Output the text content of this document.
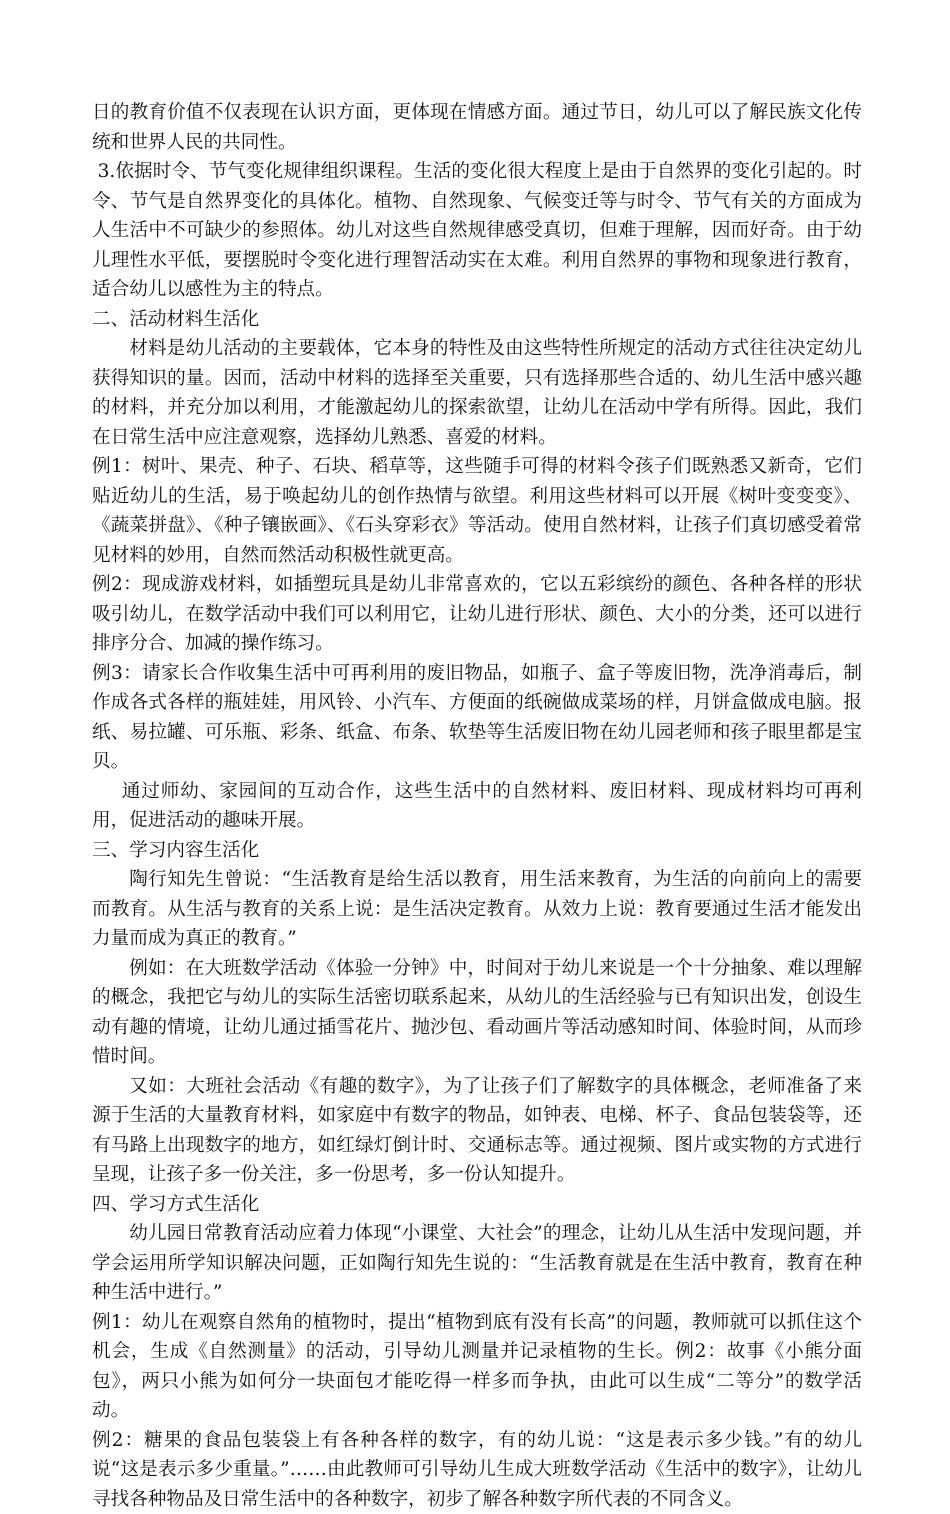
日的教育价值不仅表现在认识方面，更体现在情感方面。通过节日，幼儿可以了解民族文化传统和世界人民的共同性。

3.依据时令、节气变化规律组织课程。生活的变化很大程度上是由于自然界的变化引起的。时令、节气是自然界变化的具体化。植物、自然现象、气候变迁等与时令、节气有关的方面成为人生活中不可缺少的参照体。幼儿对这些自然规律感受真切，但难于理解，因而好奇。由于幼儿理性水平低，要摆脱时令变化进行理智活动实在太难。利用自然界的事物和现象进行教育，适合幼儿以感性为主的特点。

二、活动材料生活化

材料是幼儿活动的主要载体，它本身的特性及由这些特性所规定的活动方式往往决定幼儿获得知识的量。因而，活动中材料的选择至关重要，只有选择那些合适的、幼儿生活中感兴趣的材料，并充分加以利用，才能激起幼儿的探索欲望，让幼儿在活动中学有所得。因此，我们在日常生活中应注意观察，选择幼儿熟悉、喜爱的材料。

例1：树叶、果壳、种子、石块、稻草等，这些随手可得的材料令孩子们既熟悉又新奇，它们贴近幼儿的生活，易于唤起幼儿的创作热情与欲望。利用这些材料可以开展《树叶变变变》、《蔬菜拼盘》、《种子镶嵌画》、《石头穿彩衣》等活动。使用自然材料，让孩子们真切感受着常见材料的妙用，自然而然活动积极性就更高。

例2：现成游戏材料，如插塑玩具是幼儿非常喜欢的，它以五彩缤纷的颜色、各种各样的形状吸引幼儿，在数学活动中我们可以利用它，让幼儿进行形状、颜色、大小的分类，还可以进行排序分合、加减的操作练习。

例3：请家长合作收集生活中可再利用的废旧物品，如瓶子、盒子等废旧物，洗净消毒后，制作成各式各样的瓶娃娃，用风铃、小汽车、方便面的纸碗做成菜场的样，月饼盒做成电脑。报纸、易拉罐、可乐瓶、彩条、纸盒、布条、软垫等生活废旧物在幼儿园老师和孩子眼里都是宝贝。

通过师幼、家园间的互动合作，这些生活中的自然材料、废旧材料、现成材料均可再利用，促进活动的趣味开展。

三、学习内容生活化

陶行知先生曾说：“生活教育是给生活以教育，用生活来教育，为生活的向前向上的需要而教育。从生活与教育的关系上说：是生活决定教育。从效力上说：教育要通过生活才能发出力量而成为真正的教育。”

例如：在大班数学活动《体验一分钟》中，时间对于幼儿来说是一个十分抽象、难以理解的概念，我把它与幼儿的实际生活密切联系起来，从幼儿的生活经验与已有知识出发，创设生动有趣的情境，让幼儿通过插雪花片、抛沙包、看动画片等活动感知时间、体验时间，从而珍惜时间。

又如：大班社会活动《有趣的数字》，为了让孩子们了解数字的具体概念，老师准备了来源于生活的大量教育材料，如家庭中有数字的物品，如钟表、电梯、杯子、食品包装袋等，还有马路上出现数字的地方，如红绿灯倒计时、交通标志等。通过视频、图片或实物的方式进行呈现，让孩子多一份关注，多一份思考，多一份认知提升。

四、学习方式生活化

幼儿园日常教育活动应着力体现“小课堂、大社会”的理念，让幼儿从生活中发现问题，并学会运用所学知识解决问题，正如陶行知先生说的：“生活教育就是在生活中教育，教育在种种生活中进行。”

例1：幼儿在观察自然角的植物时，提出“植物到底有没有长高”的问题，教师就可以抓住这个机会，生成《自然测量》的活动，引导幼儿测量并记录植物的生长。例2：故事《小熊分面包》，两只小熊为如何分一块面包才能吃得一样多而争执，由此可以生成“二等分”的数学活动。

例2：糖果的食品包装袋上有各种各样的数字，有的幼儿说：“这是表示多少钱。”有的幼儿说“这是表示多少重量。”……由此教师可引导幼儿生成大班数学活动《生活中的数字》，让幼儿寻找各种物品及日常生活中的各种数字，初步了解各种数字所代表的不同含义。
